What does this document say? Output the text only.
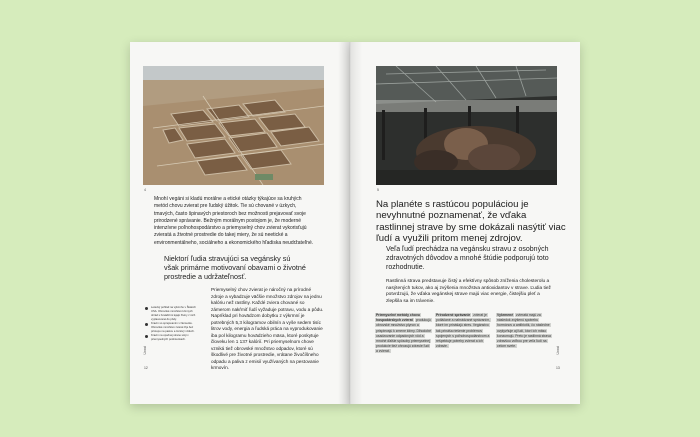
4	5

Mnohí vegáni si kladú morálne a etické otázky týkajúce sa kruhých metód chovu zvierat pre ľudský úžitok. Tie sú chované v úzkych, tmavých, často špinavých priestoroch bez možnosti prejavovať svoje prirodzené správanie. Bežným morálnym postojom je, že moderné intenzívne poľnohospodárstvo a priemyselný chov zvierat vykorisťujú zvieratá a životné prostredie do takej miery, že sú neetické a environmentálneho, sociálneho a ekonomického hľadiska neudržateľné.

Niektorí ľudia stravujúci sa vegánsky sú však primárne motivovaní obavami o životné prostredie a udržateľnosť.

Priemyselný chov zvierat je náročný na prírodné zdroje a vybadzuje väčšie množstvo zdrojov na jednu kalóriu než rastliny. Každé zviera chované so zámerom nakŕmiť ľudí vyžaduje potravu, vodu a pôdu. Napríklad pri hovädzom dobytku z výkrmní je potrebných 5,3 kilogramov obilnín a vyše sedem tisíc litrov vody, energia a ľudská práca na vyprodukovanie iba pol kilogramu hovädzieho mäsa, ktoré poskytuje človeku len 1 137 kalórií. Pri priemyselnom chove vzniká tiež obrovské množstvo odpadov, ktoré sú škodlivé pre životné prostredie, vrátane živočíšneho odpadu a paliva z emisií využívaných na pestovanie krmovín.

Letecký pohľad na výkrmňu v Štátoch USA. Obrovské množstvo kŕmnych ohrád s hovädzími lejajú živiny z nich vyplavované do pôdy.
Kravín so sprejovaním v Nemecku. Obrovské množstvo zvierat žije bez prístupu na pastvu a čerstvý vzduch.
Kravín na opačnej strane stojí v priemyselných podmienkach.
12
Úvod
Na planéte s rastúcou populáciou je nevyhnutné poznamenať, že vďaka rastlinnej strave by sme dokázali nasýtiť viac ľudí a využili pritom menej zdrojov.

Veľa ľudí prechádza na vegánsku stravu z osobných zdravotných dôvodov a mnohé štúdie podporujú toto rozhodnutie.

Rastlinná strava predstavuje čistý a efektívny spôsob zníženia cholesterolu a nasýtených tukov, ako aj zvýšenia množstva antioxidantov v strave. Ľudia tiež potvrdzujú, že vďaka vegánskej strave majú viac energie, čistejšiu pleť a zlepšila sa im trávenie.

Priemyselné metódy chovu hospodárskych zvierat produkujú obrovské množstvo plynov a prispievajú k zmene klímy. Dlhodobé usadzovanie odpadových vôd a mnohé ďalšie spôsoby priemyselnej produkcie tiež ohrozujú zdravie ľudí a zvierat.
Prirodzené správanie zvierat je potláčané a nahrádzané správaním, ktoré im prinášajú stres. Vegánstvo tak prináša riešenie problémov spojených s poľnohospodárstvom a rešpektuje potreby zvierat a ich zdravie.
Vykrmené zvieratá majú za následok zvýšenú spotrebu hormónov a antibiotík, čo následne ovplyvňuje aj ľudí, ktorí ich mäso konzumujú. Preto je rastlinná strava zdravšou voľbou pre veľa ľudí na celom svete.
13
Úvod
